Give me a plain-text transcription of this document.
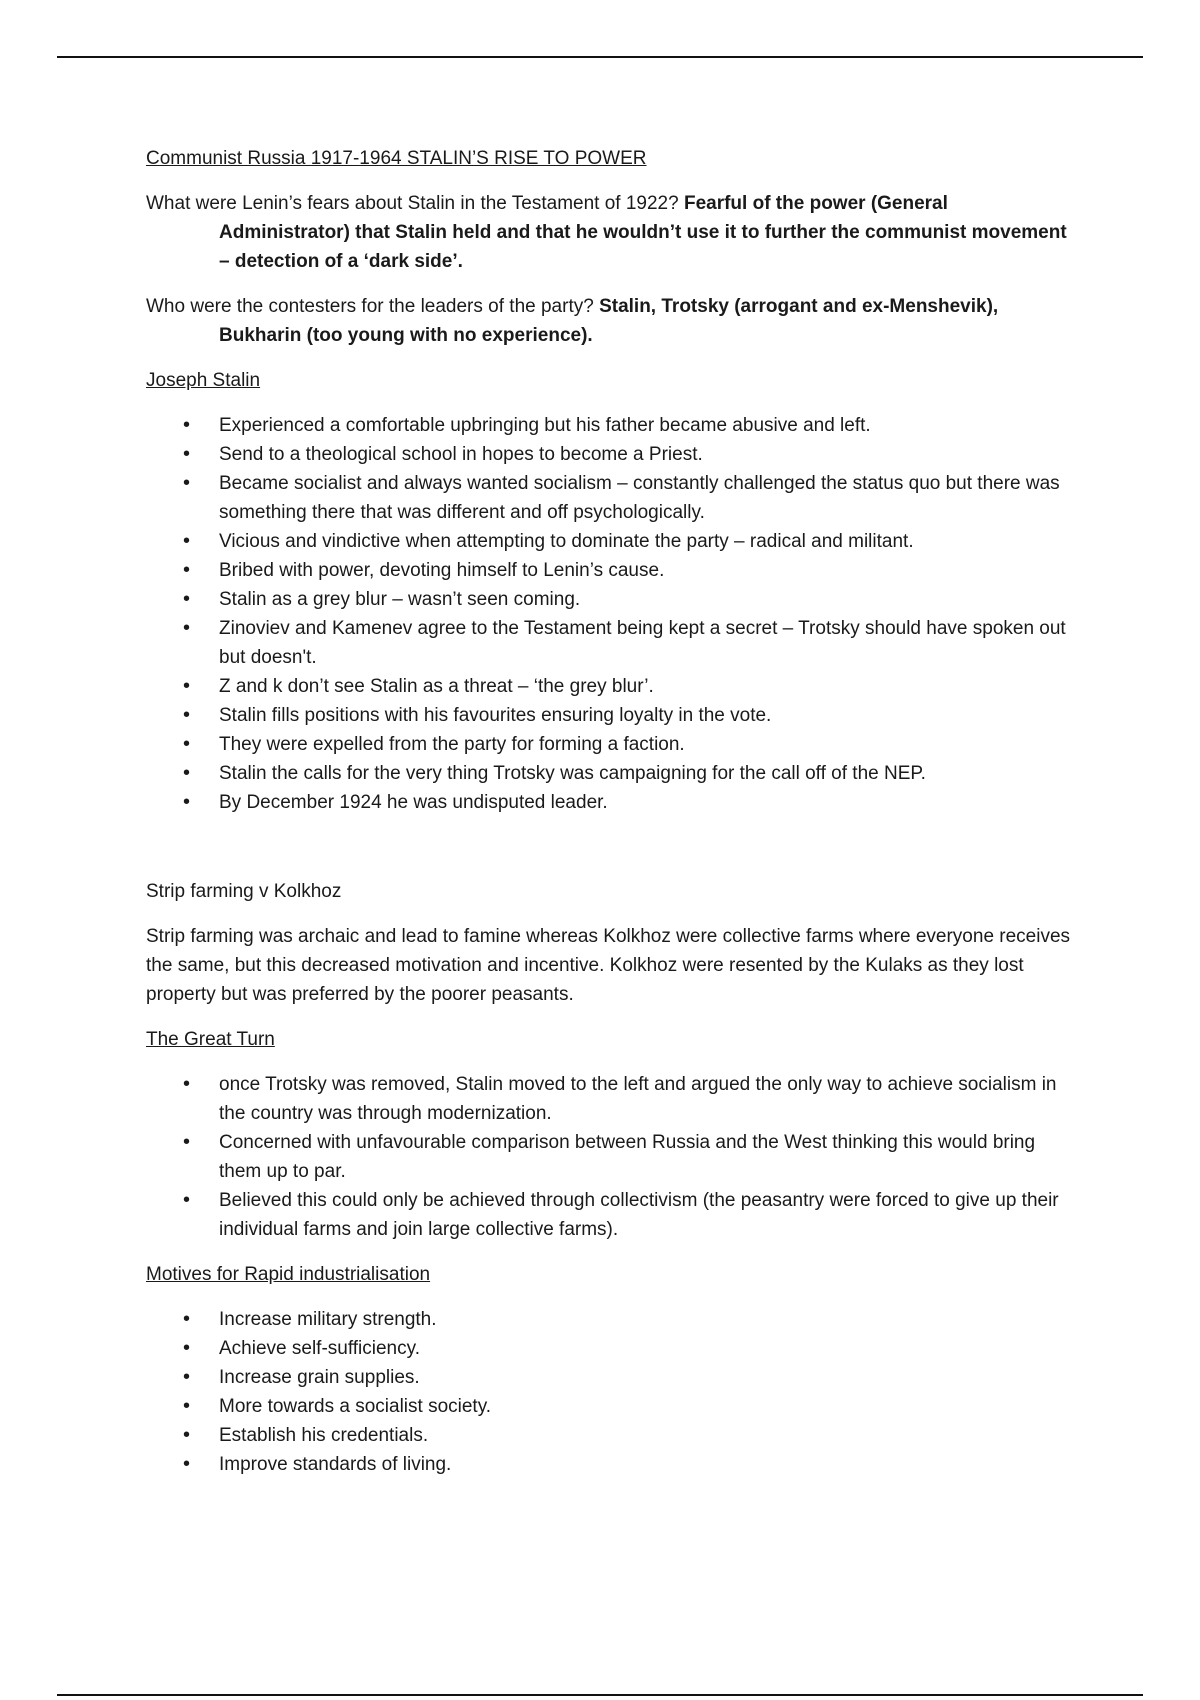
Communist Russia 1917-1964 STALIN’S RISE TO POWER

What were Lenin’s fears about Stalin in the Testament of 1922? Fearful of the power (General Administrator) that Stalin held and that he wouldn’t use it to further the communist movement – detection of a ‘dark side’.

Who were the contesters for the leaders of the party? Stalin, Trotsky (arrogant and ex-Menshevik), Bukharin (too young with no experience).

Joseph Stalin

• Experienced a comfortable upbringing but his father became abusive and left.
• Send to a theological school in hopes to become a Priest.
• Became socialist and always wanted socialism – constantly challenged the status quo but there was something there that was different and off psychologically.
• Vicious and vindictive when attempting to dominate the party – radical and militant.
• Bribed with power, devoting himself to Lenin’s cause.
• Stalin as a grey blur – wasn’t seen coming.
• Zinoviev and Kamenev agree to the Testament being kept a secret – Trotsky should have spoken out but doesn't.
• Z and k don’t see Stalin as a threat – ‘the grey blur’.
• Stalin fills positions with his favourites ensuring loyalty in the vote.
• They were expelled from the party for forming a faction.
• Stalin the calls for the very thing Trotsky was campaigning for the call off of the NEP.
• By December 1924 he was undisputed leader.

Strip farming v Kolkhoz

Strip farming was archaic and lead to famine whereas Kolkhoz were collective farms where everyone receives the same, but this decreased motivation and incentive. Kolkhoz were resented by the Kulaks as they lost property but was preferred by the poorer peasants.

The Great Turn

• once Trotsky was removed, Stalin moved to the left and argued the only way to achieve socialism in the country was through modernization.
• Concerned with unfavourable comparison between Russia and the West thinking this would bring them up to par.
• Believed this could only be achieved through collectivism (the peasantry were forced to give up their individual farms and join large collective farms).

Motives for Rapid industrialisation

• Increase military strength.
• Achieve self-sufficiency.
• Increase grain supplies.
• More towards a socialist society.
• Establish his credentials.
• Improve standards of living.
